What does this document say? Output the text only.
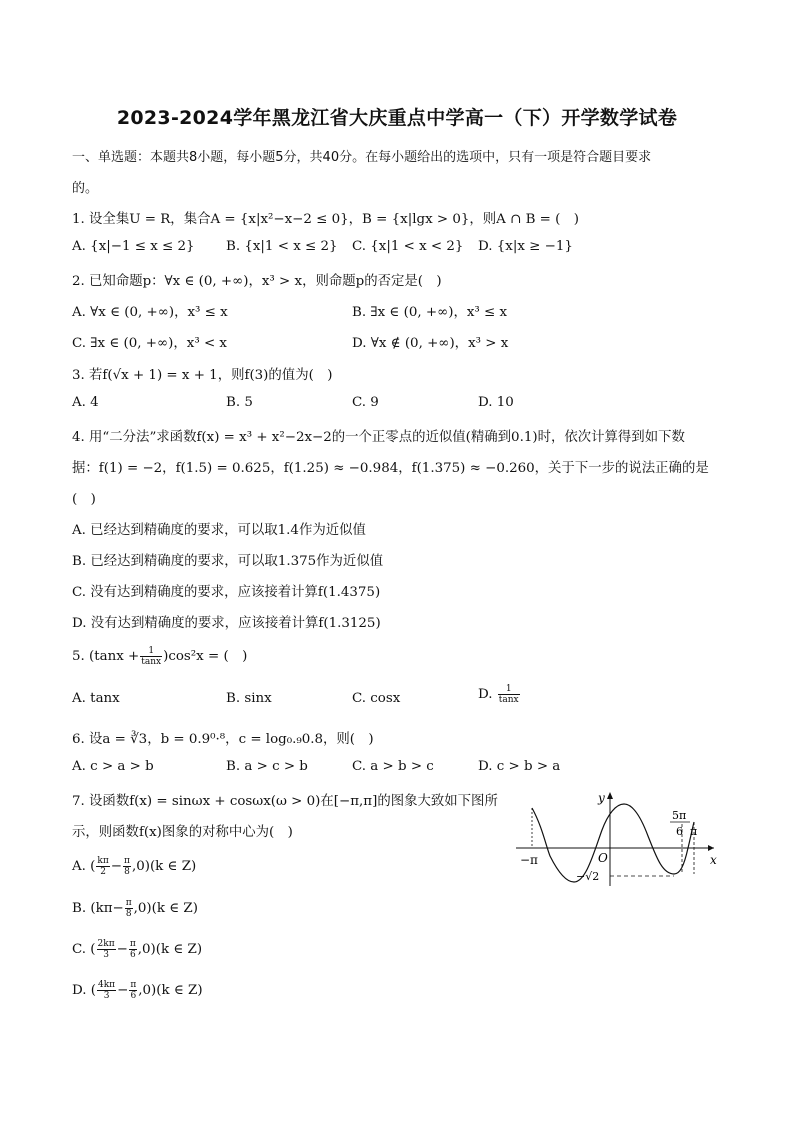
2023-2024学年黑龙江省大庆重点中学高一（下）开学数学试卷
一、单选题：本题共8小题，每小题5分，共40分。在每小题给出的选项中，只有一项是符合题目要求
的。
1. 设全集U = R，集合A = {x|x²−x−2 ≤ 0}，B = {x|lgx > 0}，则A ∩ B = (　)
A. {x|−1 ≤ x ≤ 2} B. {x|1 < x ≤ 2} C. {x|1 < x < 2} D. {x|x ≥ −1}
2. 已知命题p：∀x ∈ (0, +∞)，x³ > x，则命题p的否定是(　)
A. ∀x ∈ (0, +∞)，x³ ≤ x	B. ∃x ∈ (0, +∞)，x³ ≤ x
C. ∃x ∈ (0, +∞)，x³ < x	D. ∀x ∉ (0, +∞)，x³ > x
3. 若f(√x + 1) = x + 1，则f(3)的值为(　)
A. 4	B. 5	C. 9	D. 10
4. 用“二分法”求函数f(x) = x³ + x²−2x−2的一个正零点的近似值(精确到0.1)时，依次计算得到如下数
据：f(1) = −2，f(1.5) = 0.625，f(1.25) ≈ −0.984，f(1.375) ≈ −0.260，关于下一步的说法正确的是
(　)
A. 已经达到精确度的要求，可以取1.4作为近似值
B. 已经达到精确度的要求，可以取1.375作为近似值
C. 没有达到精确度的要求，应该接着计算f(1.4375)
D. 没有达到精确度的要求，应该接着计算f(1.3125)
5. $(\tan x + \frac{1}{\tan x} )\cos^2x$ = (　)
A. tanx	B. sinx	C. cosx	D. $\frac{1}{\tan x}$
6. 设a = ∛3，b = 0.9⁰·⁸，c = log₀.₉0.8，则(　)
A. c > a > b	B. a > c > b	C. a > b > c	D. c > b > a
7. 设函数f(x) = sinωx + cosωx(ω > 0)在[−π,π]的图象大致如下图所
示，则函数f(x)图象的对称中心为(　)
A. ( $\frac{k\pi}{2} - \frac{\pi}{8} ,0)(k$ ∈ Z)
B. $(k\pi- \frac{\pi}{8} ,0)(k$ ∈ Z)
C. ( $\frac{2k\pi}{3} - \frac{\pi}{6} ,0)(k$ ∈ Z)
D. ( $\frac{4k\pi}{3} - \frac{\pi}{6} ,0)(k$ ∈ Z)
y
x
O
−π
−√2
5π
6 π
